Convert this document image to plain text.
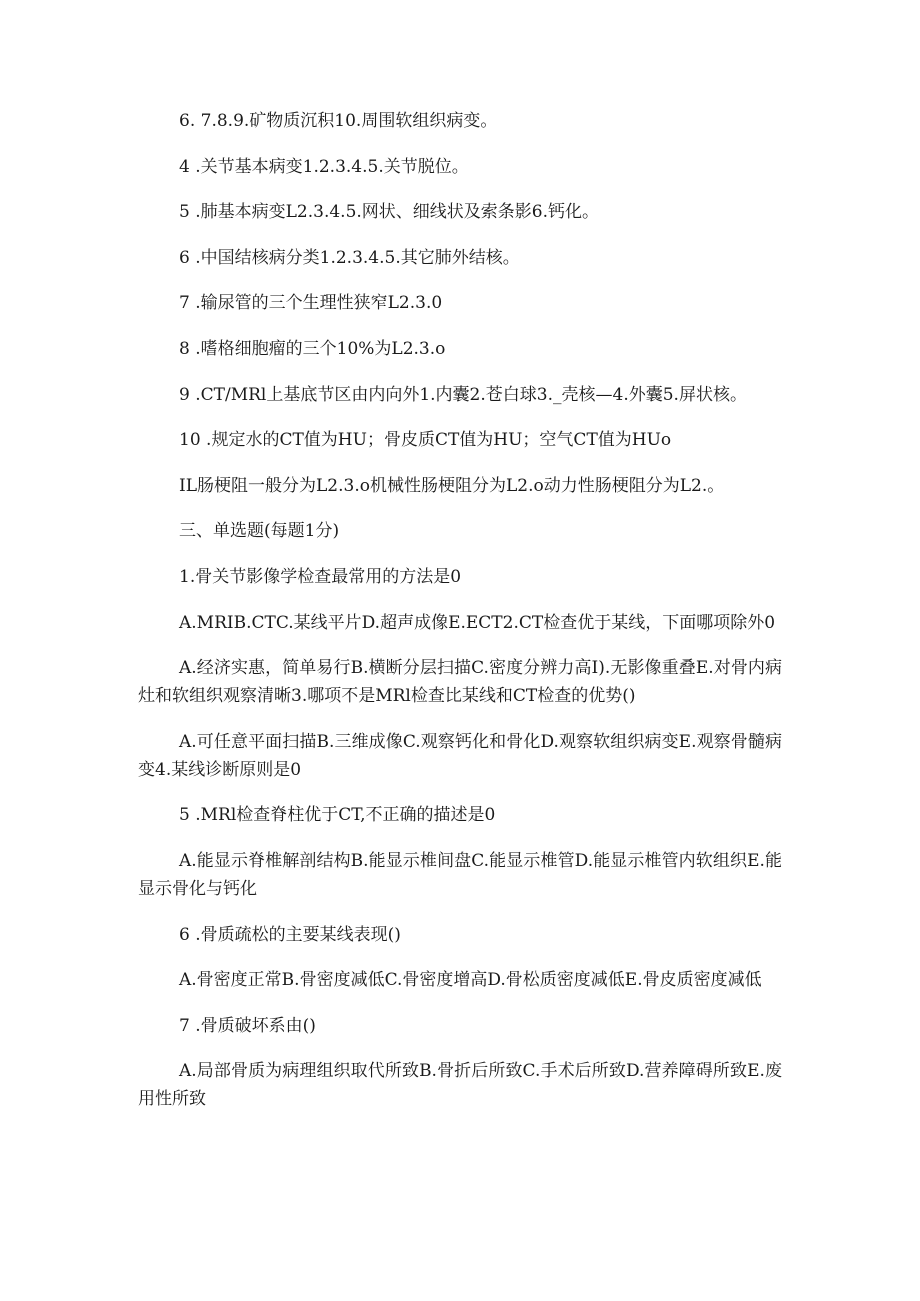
6. 7.8.9.矿物质沉积10.周围软组织病变。

4 .关节基本病变1.2.3.4.5.关节脱位。

5 .肺基本病变L2.3.4.5.网状、细线状及索条影6.钙化。

6 .中国结核病分类1.2.3.4.5.其它肺外结核。

7 .输尿管的三个生理性狭窄L2.3.0

8 .嗜格细胞瘤的三个10%为L2.3.o

9 .CT/MRl上基底节区由内向外1.内囊2.苍白球3._壳核—4.外囊5.屏状核。

10 .规定水的CT值为HU；骨皮质CT值为HU；空气CT值为HUo

IL肠梗阻一般分为L2.3.o机械性肠梗阻分为L2.o动力性肠梗阻分为L2.。

三、单选题(每题1分)

1.骨关节影像学检查最常用的方法是0

A.MRIB.CTC.某线平片D.超声成像E.ECT2.CT检查优于某线，下面哪项除外0

A.经济实惠，简单易行B.横断分层扫描C.密度分辨力高I).无影像重叠E.对骨内病灶和软组织观察清晰3.哪项不是MRl检查比某线和CT检查的优势()

A.可任意平面扫描B.三维成像C.观察钙化和骨化D.观察软组织病变E.观察骨髓病变4.某线诊断原则是0

5 .MRl检查脊柱优于CT,不正确的描述是0

A.能显示脊椎解剖结构B.能显示椎间盘C.能显示椎管D.能显示椎管内软组织E.能显示骨化与钙化

6 .骨质疏松的主要某线表现()

A.骨密度正常B.骨密度减低C.骨密度增高D.骨松质密度减低E.骨皮质密度减低

7 .骨质破坏系由()

A.局部骨质为病理组织取代所致B.骨折后所致C.手术后所致D.营养障碍所致E.废用性所致
